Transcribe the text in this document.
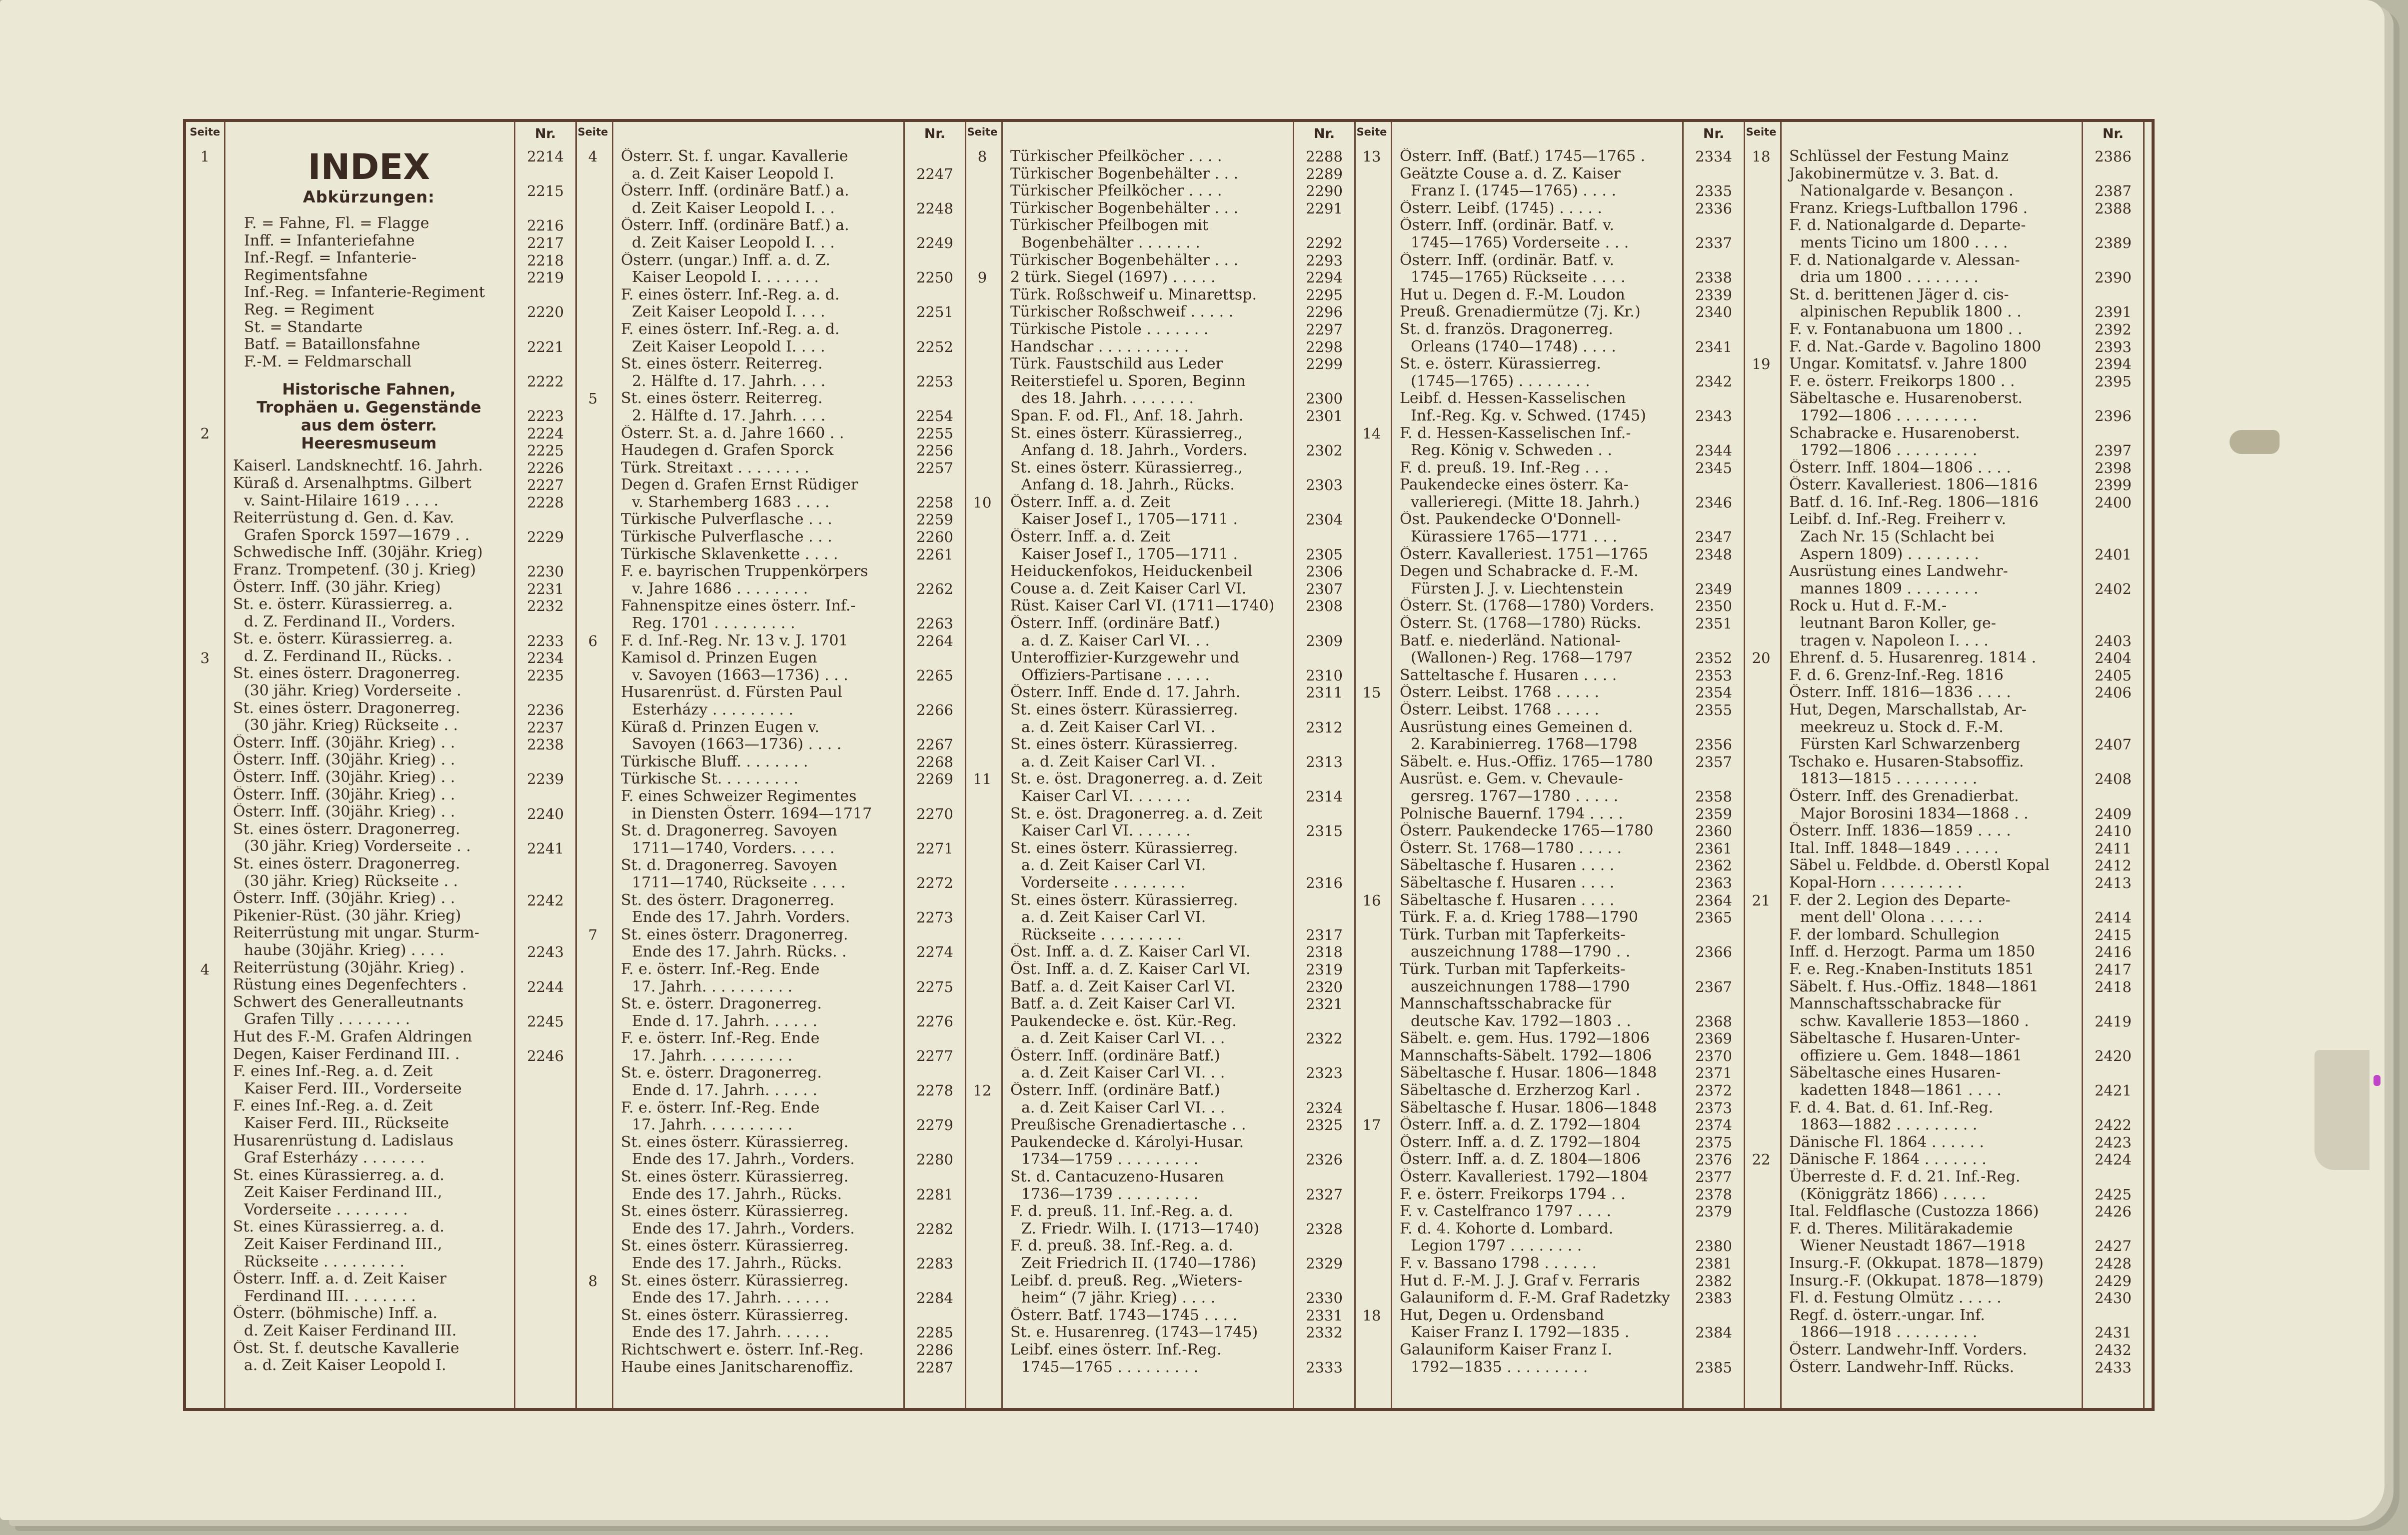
Seite
1
2
3
4
INDEX
Abkürzungen:
F. = Fahne, Fl. = Flagge
Inff. = Infanteriefahne
Inf.-Regf. = Infanterie-
Regimentsfahne
Inf.-Reg. = Infanterie-Regiment
Reg. = Regiment
St. = Standarte
Batf. = Bataillonsfahne
F.-M. = Feldmarschall
Historische Fahnen,
Trophäen u. Gegenstände
aus dem österr.
Heeresmuseum
Kaiserl. Landsknechtf. 16. Jahrh.
Küraß d. Arsenalhptms. Gilbert
v. Saint-Hilaire 1619 . . . .
Reiterrüstung d. Gen. d. Kav.
Grafen Sporck 1597—1679 . .
Schwedische Inff. (30jähr. Krieg)
Franz. Trompetenf. (30 j. Krieg)
Österr. Inff. (30 jähr. Krieg)
St. e. österr. Kürassierreg. a.
d. Z. Ferdinand II., Vorders.
St. e. österr. Kürassierreg. a.
d. Z. Ferdinand II., Rücks. .
St. eines österr. Dragonerreg.
(30 jähr. Krieg) Vorderseite .
St. eines österr. Dragonerreg.
(30 jähr. Krieg) Rückseite . .
Österr. Inff. (30jähr. Krieg) . .
Österr. Inff. (30jähr. Krieg) . .
Österr. Inff. (30jähr. Krieg) . .
Österr. Inff. (30jähr. Krieg) . .
Österr. Inff. (30jähr. Krieg) . .
St. eines österr. Dragonerreg.
(30 jähr. Krieg) Vorderseite . .
St. eines österr. Dragonerreg.
(30 jähr. Krieg) Rückseite . .
Österr. Inff. (30jähr. Krieg) . .
Pikenier-Rüst. (30 jähr. Krieg)
Reiterrüstung mit ungar. Sturm-
haube (30jähr. Krieg) . . . .
Reiterrüstung (30jähr. Krieg) .
Rüstung eines Degenfechters .
Schwert des Generalleutnants
Grafen Tilly . . . . . . . .
Hut des F.-M. Grafen Aldringen
Degen, Kaiser Ferdinand III. .
F. eines Inf.-Reg. a. d. Zeit
Kaiser Ferd. III., Vorderseite
F. eines Inf.-Reg. a. d. Zeit
Kaiser Ferd. III., Rückseite
Husarenrüstung d. Ladislaus
Graf Esterházy . . . . . . .
St. eines Kürassierreg. a. d.
Zeit Kaiser Ferdinand III.,
Vorderseite . . . . . . . .
St. eines Kürassierreg. a. d.
Zeit Kaiser Ferdinand III.,
Rückseite . . . . . . . . .
Österr. Inff. a. d. Zeit Kaiser
Ferdinand III. . . . . . . .
Österr. (böhmische) Inff. a.
d. Zeit Kaiser Ferdinand III.
Öst. St. f. deutsche Kavallerie
a. d. Zeit Kaiser Leopold I.
Nr.
2214
2215
2216
2217
2218
2219
2220
2221
2222
2223
2224
2225
2226
2227
2228
2229
2230
2231
2232
2233
2234
2235
2236
2237
2238
2239
2240
2241
2242
2243
2244
2245
2246
Seite
4
5
6
7
8
Österr. St. f. ungar. Kavallerie
a. d. Zeit Kaiser Leopold I.
Österr. Inff. (ordinäre Batf.) a.
d. Zeit Kaiser Leopold I. . .
Österr. Inff. (ordinäre Batf.) a.
d. Zeit Kaiser Leopold I. . .
Österr. (ungar.) Inff. a. d. Z.
Kaiser Leopold I. . . . . . .
F. eines österr. Inf.-Reg. a. d.
Zeit Kaiser Leopold I. . . .
F. eines österr. Inf.-Reg. a. d.
Zeit Kaiser Leopold I. . . .
St. eines österr. Reiterreg.
2. Hälfte d. 17. Jahrh. . . .
St. eines österr. Reiterreg.
2. Hälfte d. 17. Jahrh. . . .
Österr. St. a. d. Jahre 1660 . .
Haudegen d. Grafen Sporck
Türk. Streitaxt . . . . . . . .
Degen d. Grafen Ernst Rüdiger
v. Starhemberg 1683 . . . .
Türkische Pulverflasche . . .
Türkische Pulverflasche . . .
Türkische Sklavenkette . . . .
F. e. bayrischen Truppenkörpers
v. Jahre 1686 . . . . . . . .
Fahnenspitze eines österr. Inf.-
Reg. 1701 . . . . . . . . .
F. d. Inf.-Reg. Nr. 13 v. J. 1701
Kamisol d. Prinzen Eugen
v. Savoyen (1663—1736) . . .
Husarenrüst. d. Fürsten Paul
Esterházy . . . . . . . . .
Küraß d. Prinzen Eugen v.
Savoyen (1663—1736) . . . .
Türkische Bluff. . . . . . . .
Türkische St. . . . . . . . .
F. eines Schweizer Regimentes
in Diensten Österr. 1694—1717
St. d. Dragonerreg. Savoyen
1711—1740, Vorders. . . . .
St. d. Dragonerreg. Savoyen
1711—1740, Rückseite . . . .
St. des österr. Dragonerreg.
Ende des 17. Jahrh. Vorders.
St. eines österr. Dragonerreg.
Ende des 17. Jahrh. Rücks. .
F. e. österr. Inf.-Reg. Ende
17. Jahrh. . . . . . . . . .
St. e. österr. Dragonerreg.
Ende d. 17. Jahrh. . . . . .
F. e. österr. Inf.-Reg. Ende
17. Jahrh. . . . . . . . . .
St. e. österr. Dragonerreg.
Ende d. 17. Jahrh. . . . . .
F. e. österr. Inf.-Reg. Ende
17. Jahrh. . . . . . . . . .
St. eines österr. Kürassierreg.
Ende des 17. Jahrh., Vorders.
St. eines österr. Kürassierreg.
Ende des 17. Jahrh., Rücks.
St. eines österr. Kürassierreg.
Ende des 17. Jahrh., Vorders.
St. eines österr. Kürassierreg.
Ende des 17. Jahrh., Rücks.
St. eines österr. Kürassierreg.
Ende des 17. Jahrh. . . . . .
St. eines österr. Kürassierreg.
Ende des 17. Jahrh. . . . . .
Richtschwert e. österr. Inf.-Reg.
Haube eines Janitscharenoffiz.
Nr.
2247
2248
2249
2250
2251
2252
2253
2254
2255
2256
2257
2258
2259
2260
2261
2262
2263
2264
2265
2266
2267
2268
2269
2270
2271
2272
2273
2274
2275
2276
2277
2278
2279
2280
2281
2282
2283
2284
2285
2286
2287
Seite
8
9
10
11
12
Türkischer Pfeilköcher . . . .
Türkischer Bogenbehälter . . .
Türkischer Pfeilköcher . . . .
Türkischer Bogenbehälter . . .
Türkischer Pfeilbogen mit
Bogenbehälter . . . . . . .
Türkischer Bogenbehälter . . .
2 türk. Siegel (1697) . . . . .
Türk. Roßschweif u. Minarettsp.
Türkischer Roßschweif . . . . .
Türkische Pistole . . . . . . .
Handschar . . . . . . . . . .
Türk. Faustschild aus Leder
Reiterstiefel u. Sporen, Beginn
des 18. Jahrh. . . . . . . .
Span. F. od. Fl., Anf. 18. Jahrh.
St. eines österr. Kürassierreg.,
Anfang d. 18. Jahrh., Vorders.
St. eines österr. Kürassierreg.,
Anfang d. 18. Jahrh., Rücks.
Österr. Inff. a. d. Zeit
Kaiser Josef I., 1705—1711 .
Österr. Inff. a. d. Zeit
Kaiser Josef I., 1705—1711 .
Heiduckenfokos, Heiduckenbeil
Couse a. d. Zeit Kaiser Carl VI.
Rüst. Kaiser Carl VI. (1711—1740)
Österr. Inff. (ordinäre Batf.)
a. d. Z. Kaiser Carl VI. . .
Unteroffizier-Kurzgewehr und
Offiziers-Partisane . . . . .
Österr. Inff. Ende d. 17. Jahrh.
St. eines österr. Kürassierreg.
a. d. Zeit Kaiser Carl VI. .
St. eines österr. Kürassierreg.
a. d. Zeit Kaiser Carl VI. .
St. e. öst. Dragonerreg. a. d. Zeit
Kaiser Carl VI. . . . . . .
St. e. öst. Dragonerreg. a. d. Zeit
Kaiser Carl VI. . . . . . .
St. eines österr. Kürassierreg.
a. d. Zeit Kaiser Carl VI.
Vorderseite . . . . . . . .
St. eines österr. Kürassierreg.
a. d. Zeit Kaiser Carl VI.
Rückseite . . . . . . . . .
Öst. Inff. a. d. Z. Kaiser Carl VI.
Öst. Inff. a. d. Z. Kaiser Carl VI.
Batf. a. d. Zeit Kaiser Carl VI.
Batf. a. d. Zeit Kaiser Carl VI.
Paukendecke e. öst. Kür.-Reg.
a. d. Zeit Kaiser Carl VI. . .
Österr. Inff. (ordinäre Batf.)
a. d. Zeit Kaiser Carl VI. . .
Österr. Inff. (ordinäre Batf.)
a. d. Zeit Kaiser Carl VI. . .
Preußische Grenadiertasche . .
Paukendecke d. Károlyi-Husar.
1734—1759 . . . . . . . . .
St. d. Cantacuzeno-Husaren
1736—1739 . . . . . . . . .
F. d. preuß. 11. Inf.-Reg. a. d.
Z. Friedr. Wilh. I. (1713—1740)
F. d. preuß. 38. Inf.-Reg. a. d.
Zeit Friedrich II. (1740—1786)
Leibf. d. preuß. Reg. „Wieters-
heim“ (7 jähr. Krieg) . . . .
Österr. Batf. 1743—1745 . . . .
St. e. Husarenreg. (1743—1745)
Leibf. eines österr. Inf.-Reg.
1745—1765 . . . . . . . . .
Nr.
2288
2289
2290
2291
2292
2293
2294
2295
2296
2297
2298
2299
2300
2301
2302
2303
2304
2305
2306
2307
2308
2309
2310
2311
2312
2313
2314
2315
2316
2317
2318
2319
2320
2321
2322
2323
2324
2325
2326
2327
2328
2329
2330
2331
2332
2333
Seite
13
14
15
16
17
18
Österr. Inff. (Batf.) 1745—1765 .
Geätzte Couse a. d. Z. Kaiser
Franz I. (1745—1765) . . . .
Österr. Leibf. (1745) . . . . .
Österr. Inff. (ordinär. Batf. v.
1745—1765) Vorderseite . . .
Österr. Inff. (ordinär. Batf. v.
1745—1765) Rückseite . . . .
Hut u. Degen d. F.-M. Loudon
Preuß. Grenadiermütze (7j. Kr.)
St. d. französ. Dragonerreg.
Orleans (1740—1748) . . . .
St. e. österr. Kürassierreg.
(1745—1765) . . . . . . . .
Leibf. d. Hessen-Kasselischen
Inf.-Reg. Kg. v. Schwed. (1745)
F. d. Hessen-Kasselischen Inf.-
Reg. König v. Schweden . .
F. d. preuß. 19. Inf.-Reg . . .
Paukendecke eines österr. Ka-
vallerieregi. (Mitte 18. Jahrh.)
Öst. Paukendecke O'Donnell-
Kürassiere 1765—1771 . . .
Österr. Kavalleriest. 1751—1765
Degen und Schabracke d. F.-M.
Fürsten J. J. v. Liechtenstein
Österr. St. (1768—1780) Vorders.
Österr. St. (1768—1780) Rücks.
Batf. e. niederländ. National-
(Wallonen-) Reg. 1768—1797
Satteltasche f. Husaren . . . .
Österr. Leibst. 1768 . . . . .
Österr. Leibst. 1768 . . . . .
Ausrüstung eines Gemeinen d.
2. Karabinierreg. 1768—1798
Säbelt. e. Hus.-Offiz. 1765—1780
Ausrüst. e. Gem. v. Chevaule-
gersreg. 1767—1780 . . . . .
Polnische Bauernf. 1794 . . . .
Österr. Paukendecke 1765—1780
Österr. St. 1768—1780 . . . . .
Säbeltasche f. Husaren . . . .
Säbeltasche f. Husaren . . . .
Säbeltasche f. Husaren . . . .
Türk. F. a. d. Krieg 1788—1790
Türk. Turban mit Tapferkeits-
auszeichnung 1788—1790 . .
Türk. Turban mit Tapferkeits-
auszeichnungen 1788—1790
Mannschaftsschabracke für
deutsche Kav. 1792—1803 . .
Säbelt. e. gem. Hus. 1792—1806
Mannschafts-Säbelt. 1792—1806
Säbeltasche f. Husar. 1806—1848
Säbeltasche d. Erzherzog Karl .
Säbeltasche f. Husar. 1806—1848
Österr. Inff. a. d. Z. 1792—1804
Österr. Inff. a. d. Z. 1792—1804
Österr. Inff. a. d. Z. 1804—1806
Österr. Kavalleriest. 1792—1804
F. e. österr. Freikorps 1794 . .
F. v. Castelfranco 1797 . . . .
F. d. 4. Kohorte d. Lombard.
Legion 1797 . . . . . . . .
F. v. Bassano 1798 . . . . . .
Hut d. F.-M. J. J. Graf v. Ferraris
Galauniform d. F.-M. Graf Radetzky
Hut, Degen u. Ordensband
Kaiser Franz I. 1792—1835 .
Galauniform Kaiser Franz I.
1792—1835 . . . . . . . . .
Nr.
2334
2335
2336
2337
2338
2339
2340
2341
2342
2343
2344
2345
2346
2347
2348
2349
2350
2351
2352
2353
2354
2355
2356
2357
2358
2359
2360
2361
2362
2363
2364
2365
2366
2367
2368
2369
2370
2371
2372
2373
2374
2375
2376
2377
2378
2379
2380
2381
2382
2383
2384
2385
Seite
18
19
20
21
22
Schlüssel der Festung Mainz
Jakobinermütze v. 3. Bat. d.
Nationalgarde v. Besançon .
Franz. Kriegs-Luftballon 1796 .
F. d. Nationalgarde d. Departe-
ments Ticino um 1800 . . . .
F. d. Nationalgarde v. Alessan-
dria um 1800 . . . . . . . .
St. d. berittenen Jäger d. cis-
alpinischen Republik 1800 . .
F. v. Fontanabuona um 1800 . .
F. d. Nat.-Garde v. Bagolino 1800
Ungar. Komitatsf. v. Jahre 1800
F. e. österr. Freikorps 1800 . .
Säbeltasche e. Husarenoberst.
1792—1806 . . . . . . . . .
Schabracke e. Husarenoberst.
1792—1806 . . . . . . . . .
Österr. Inff. 1804—1806 . . . .
Österr. Kavalleriest. 1806—1816
Batf. d. 16. Inf.-Reg. 1806—1816
Leibf. d. Inf.-Reg. Freiherr v.
Zach Nr. 15 (Schlacht bei
Aspern 1809) . . . . . . . .
Ausrüstung eines Landwehr-
mannes 1809 . . . . . . . .
Rock u. Hut d. F.-M.-
leutnant Baron Koller, ge-
tragen v. Napoleon I. . . .
Ehrenf. d. 5. Husarenreg. 1814 .
F. d. 6. Grenz-Inf.-Reg. 1816
Österr. Inff. 1816—1836 . . . .
Hut, Degen, Marschallstab, Ar-
meekreuz u. Stock d. F.-M.
Fürsten Karl Schwarzenberg
Tschako e. Husaren-Stabsoffiz.
1813—1815 . . . . . . . . .
Österr. Inff. des Grenadierbat.
Major Borosini 1834—1868 . .
Österr. Inff. 1836—1859 . . . .
Ital. Inff. 1848—1849 . . . . .
Säbel u. Feldbde. d. Oberstl Kopal
Kopal-Horn . . . . . . . . .
F. der 2. Legion des Departe-
ment dell' Olona . . . . . .
F. der lombard. Schullegion
Inff. d. Herzogt. Parma um 1850
F. e. Reg.-Knaben-Instituts 1851
Säbelt. f. Hus.-Offiz. 1848—1861
Mannschaftsschabracke für
schw. Kavallerie 1853—1860 .
Säbeltasche f. Husaren-Unter-
offiziere u. Gem. 1848—1861
Säbeltasche eines Husaren-
kadetten 1848—1861 . . . .
F. d. 4. Bat. d. 61. Inf.-Reg.
1863—1882 . . . . . . . . .
Dänische Fl. 1864 . . . . . .
Dänische F. 1864 . . . . . . .
Überreste d. F. d. 21. Inf.-Reg.
(Königgrätz 1866) . . . . .
Ital. Feldflasche (Custozza 1866)
F. d. Theres. Militärakademie
Wiener Neustadt 1867—1918
Insurg.-F. (Okkupat. 1878—1879)
Insurg.-F. (Okkupat. 1878—1879)
Fl. d. Festung Olmütz . . . . .
Regf. d. österr.-ungar. Inf.
1866—1918 . . . . . . . . .
Österr. Landwehr-Inff. Vorders.
Österr. Landwehr-Inff. Rücks.
Nr.
2386
2387
2388
2389
2390
2391
2392
2393
2394
2395
2396
2397
2398
2399
2400
2401
2402
2403
2404
2405
2406
2407
2408
2409
2410
2411
2412
2413
2414
2415
2416
2417
2418
2419
2420
2421
2422
2423
2424
2425
2426
2427
2428
2429
2430
2431
2432
2433
